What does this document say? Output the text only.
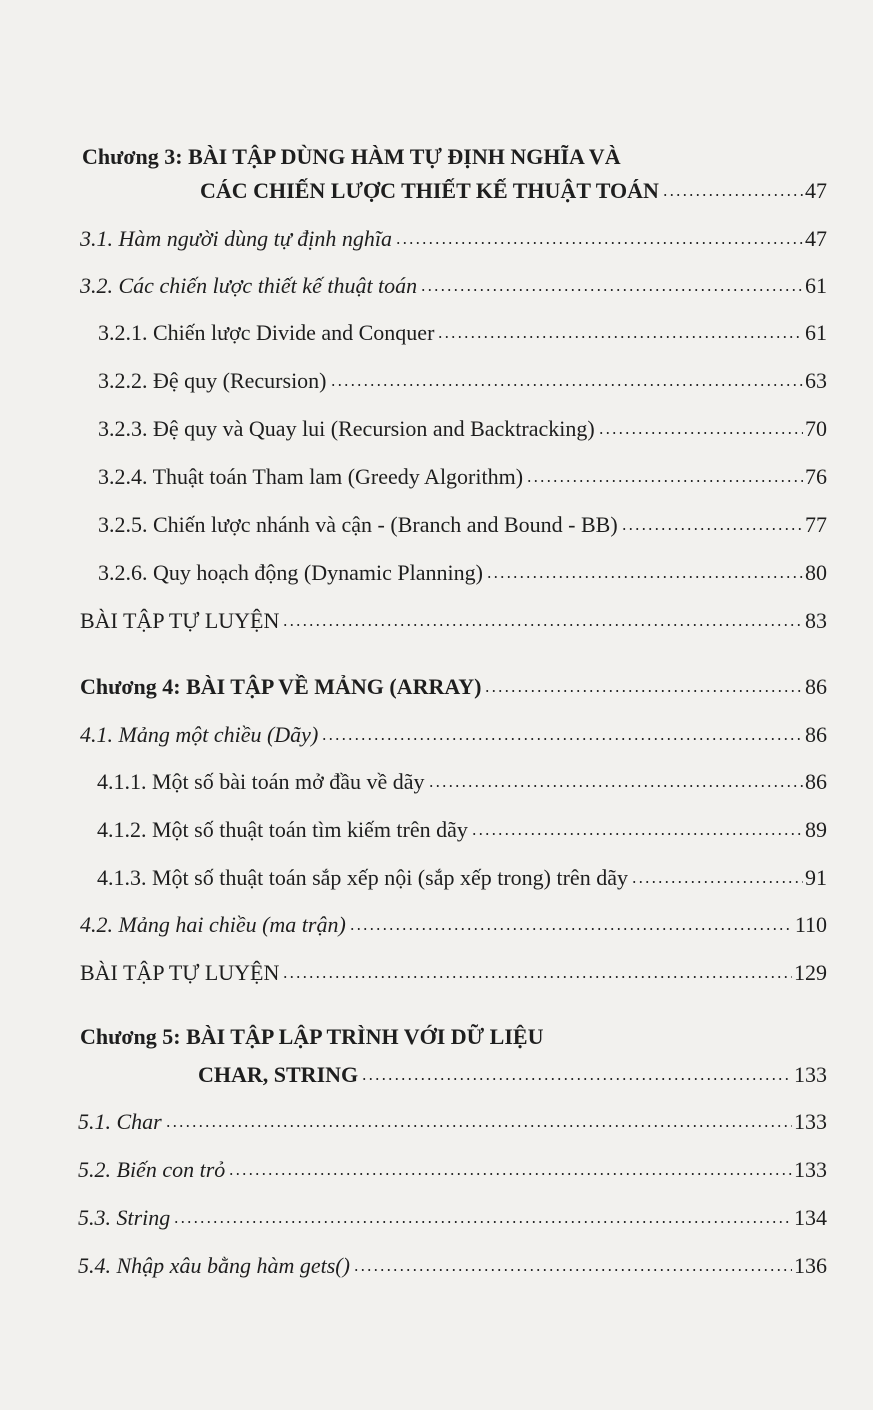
Chương 3: BÀI TẬP DÙNG HÀM TỰ ĐỊNH NGHĨA VÀ
CÁC CHIẾN LƯỢC THIẾT KẾ THUẬT TOÁN	47
3.1. Hàm người dùng tự định nghĩa	47
3.2. Các chiến lược thiết kế thuật toán	61
3.2.1. Chiến lược Divide and Conquer	61
3.2.2. Đệ quy (Recursion)	63
3.2.3. Đệ quy và Quay lui (Recursion and Backtracking)	70
3.2.4. Thuật toán Tham lam (Greedy Algorithm)	76
3.2.5. Chiến lược nhánh và cận - (Branch and Bound - BB)	77
3.2.6. Quy hoạch động (Dynamic Planning)	80
BÀI TẬP TỰ LUYỆN	83
Chương 4: BÀI TẬP VỀ MẢNG (ARRAY)	86
4.1. Mảng một chiều (Dãy)	86
4.1.1. Một số bài toán mở đầu về dãy	86
4.1.2. Một số thuật toán tìm kiếm trên dãy	89
4.1.3. Một số thuật toán sắp xếp nội (sắp xếp trong) trên dãy	91
4.2. Mảng hai chiều (ma trận)	110
BÀI TẬP TỰ LUYỆN	129
Chương 5: BÀI TẬP LẬP TRÌNH VỚI DỮ LIỆU
CHAR, STRING	133
5.1. Char	133
5.2. Biến con trỏ	133
5.3. String	134
5.4. Nhập xâu bằng hàm gets()	136
